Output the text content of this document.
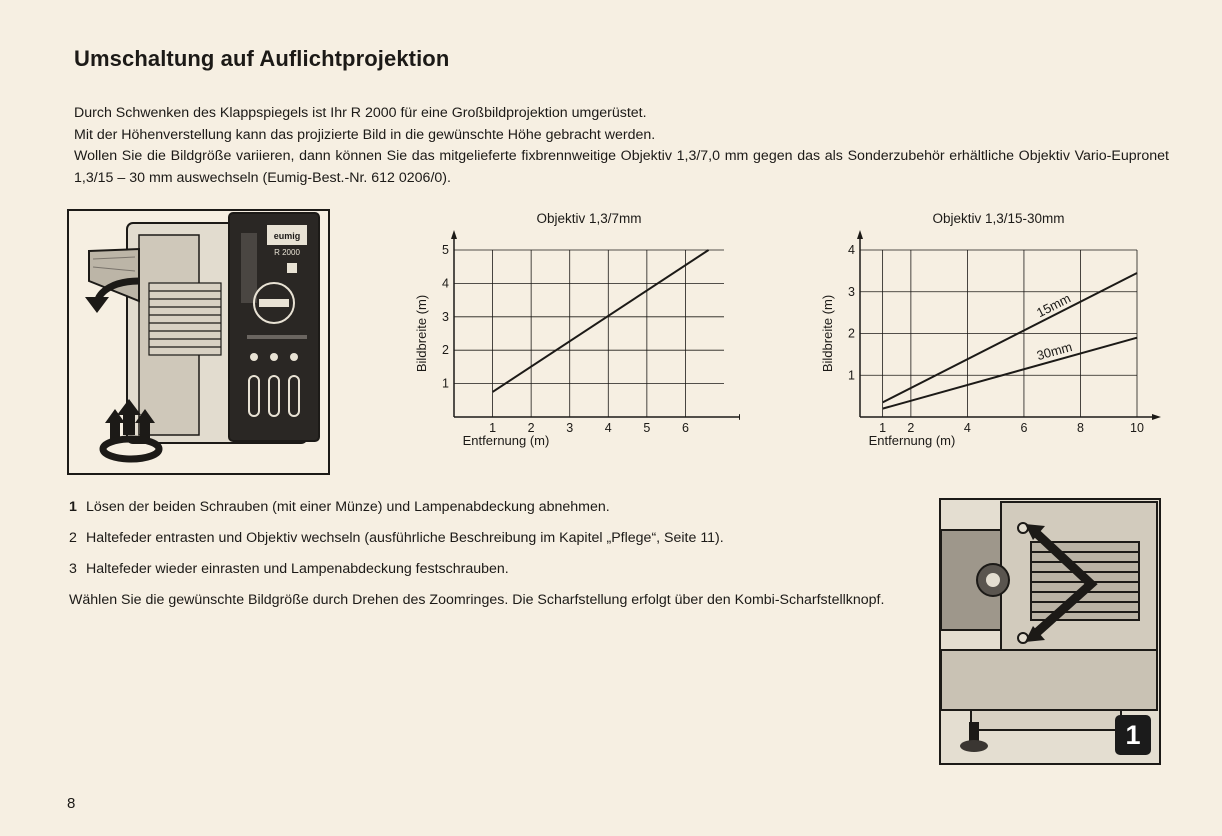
Umschaltung auf Auflichtprojektion

Durch Schwenken des Klappspiegels ist Ihr R 2000 für eine Großbildprojektion umgerüstet.

Mit der Höhenverstellung kann das projizierte Bild in die gewünschte Höhe gebracht werden.

Wollen Sie die Bildgröße variieren, dann können Sie das mitgelieferte fixbrennweitige Objektiv 1,3/7,0 mm gegen das als Sonderzubehör erhältliche Objektiv Vario-Eupronet 1,3/15 – 30 mm auswechseln (Eumig-Best.-Nr. 612 0206/0).

eumig
R 2000
Objektiv 1,3/7mm
1	2	3	4	5	6
1
2
3
4
5
Entfernung (m)
Bildbreite (m)
Objektiv 1,3/15-30mm
1 2	4	6	8	10
1
2
3
4
Entfernung (m)
Bildbreite (m)	15mm
30mm
1 Lösen der beiden Schrauben (mit einer Münze) und Lampenabdeckung abnehmen.
2 Haltefeder entrasten und Objektiv wechseln (ausführliche Beschreibung im Kapitel „Pflege“, Seite 11).
3 Haltefeder wieder einrasten und Lampenabdeckung festschrauben.

Wählen Sie die gewünschte Bildgröße durch Drehen des Zoomringes. Die Scharfstellung erfolgt über den Kombi-Scharfstellknopf.

1
8
